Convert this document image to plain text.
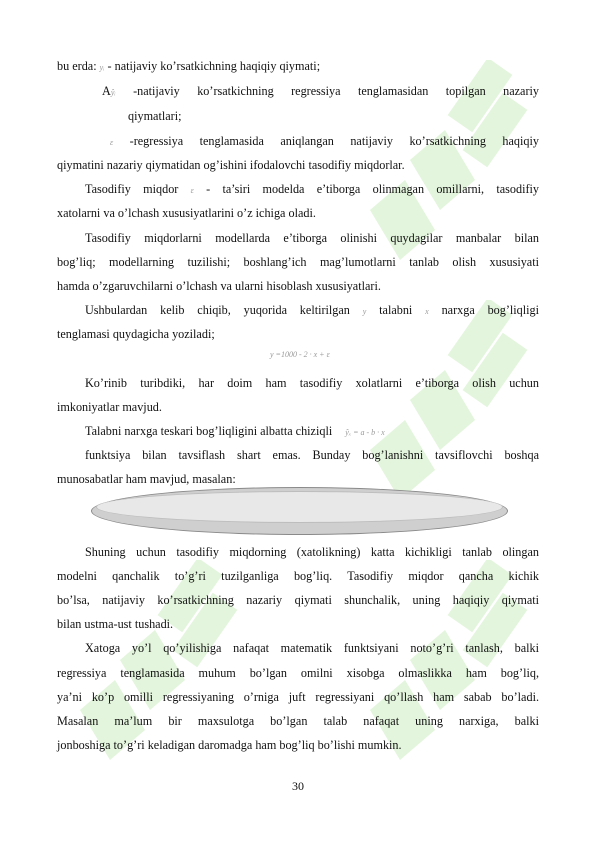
bu erda: yᵢ - natijaviy ko’rsatkichning haqiqiy qiymati;
Aŷᵢ -natijaviy ko’rsatkichning regressiya tenglamasidan topilgan nazariy
qiymatlari;
ε -regressiya tenglamasida aniqlangan natijaviy ko’rsatkichning haqiqiy
qiymatini nazariy qiymatidan og’ishini ifodalovchi tasodifiy miqdorlar.
Tasodifiy miqdor ε - ta’siri modelda e’tiborga olinmagan omillarni, tasodifiy
xatolarni va o’lchash xususiyatlarini o’z ichiga oladi.
Tasodifiy miqdorlarni modellarda e’tiborga olinishi quydagilar manbalar bilan
bog’liq; modellarning tuzilishi; boshlang’ich mag’lumotlarni tanlab olish xususiyati
hamda o’zgaruvchilarni o’lchash va ularni hisoblash xususiyatlari.
Ushbulardan kelib chiqib, yuqorida keltirilgan y talabni x narxga bog’liqligi
tenglamasi quydagicha yoziladi;
y =1000 - 2 · x + ε
Ko’rinib turibdiki, har doim ham tasodifiy xolatlarni e’tiborga olish uchun
imkoniyatlar mavjud.
Talabni narxga teskari bog’liqligini albatta chiziqli ŷₓ = a - b · x
funktsiya bilan tavsiflash shart emas. Bunday bog’lanishni tavsiflovchi boshqa
munosabatlar ham mavjud, masalan:
Shuning uchun tasodifiy miqdorning (xatolikning) katta kichikligi tanlab olingan
modelni qanchalik to’g’ri tuzilganliga bog’liq. Tasodifiy miqdor qancha kichik
bo’lsa, natijaviy ko’rsatkichning nazariy qiymati shunchalik, uning haqiqiy qiymati
bilan ustma-ust tushadi.
Xatoga yo’l qo’yilishiga nafaqat matematik funktsiyani noto’g’ri tanlash, balki
regressiya tenglamasida muhum bo’lgan omilni xisobga olmaslikka ham bog’liq,
ya’ni ko’p omilli regressiyaning o’rniga juft regressiyani qo’llash ham sabab bo’ladi.
Masalan ma’lum bir maxsulotga bo’lgan talab nafaqat uning narxiga, balki
jonboshiga to’g’ri keladigan daromadga ham bog’liq bo’lishi mumkin.
30
